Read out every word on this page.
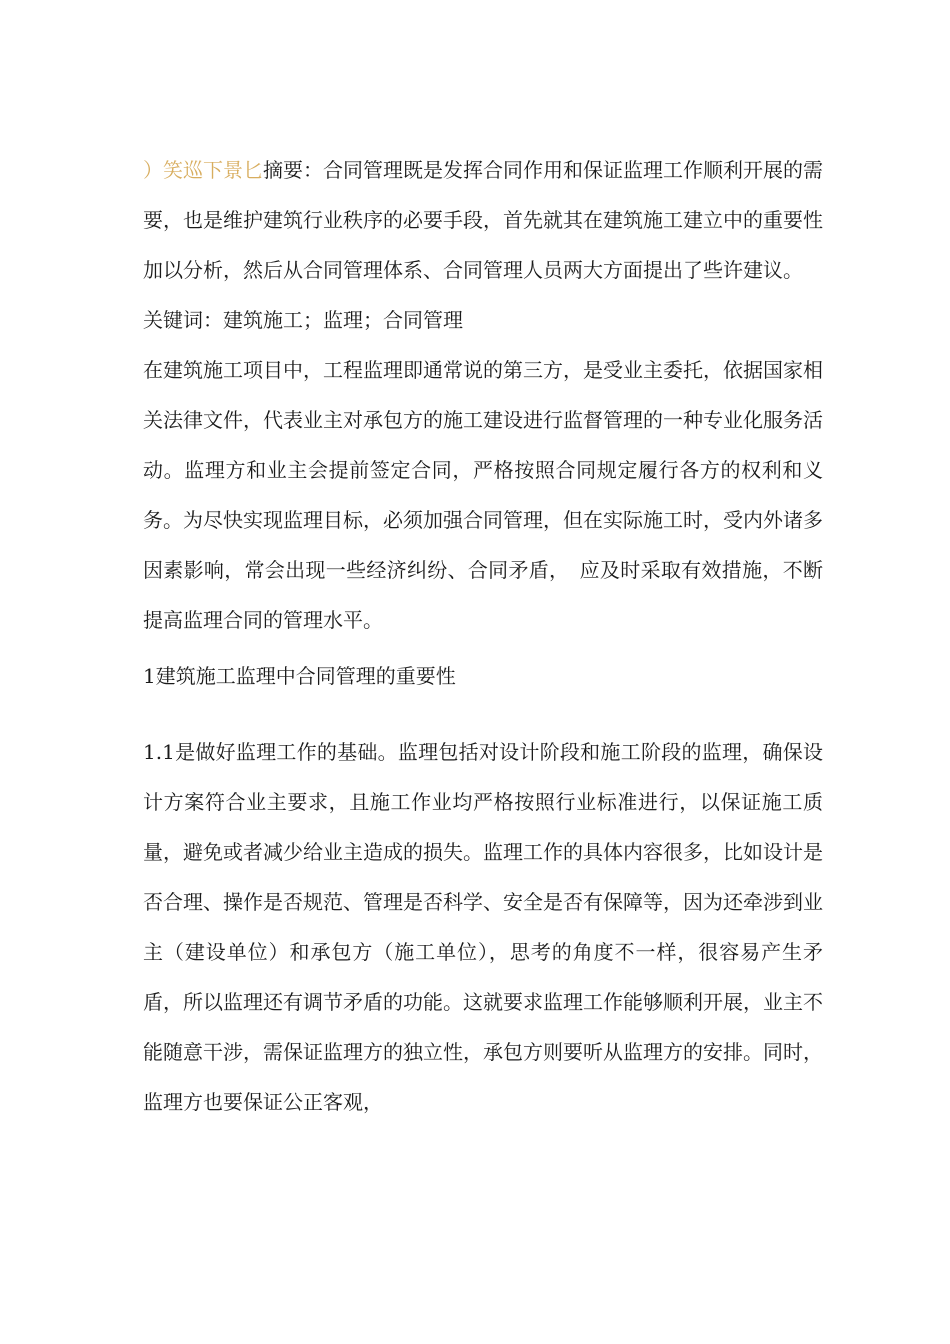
）笑巡下景匕摘要：合同管理既是发挥合同作用和保证监理工作顺利开展的需要，也是维护建筑行业秩序的必要手段，首先就其在建筑施工建立中的重要性加以分析，然后从合同管理体系、合同管理人员两大方面提出了些许建议。

关键词：建筑施工；监理；合同管理

在建筑施工项目中，工程监理即通常说的第三方，是受业主委托，依据国家相关法律文件，代表业主对承包方的施工建设进行监督管理的一种专业化服务活动。监理方和业主会提前签定合同，严格按照合同规定履行各方的权利和义务。为尽快实现监理目标，必须加强合同管理，但在实际施工时，受内外诸多因素影响，常会出现一些经济纠纷、合同矛盾，　应及时采取有效措施，不断提高监理合同的管理水平。

1建筑施工监理中合同管理的重要性

1.1是做好监理工作的基础。监理包括对设计阶段和施工阶段的监理，确保设计方案符合业主要求，且施工作业均严格按照行业标准进行，以保证施工质量，避免或者减少给业主造成的损失。监理工作的具体内容很多，比如设计是否合理、操作是否规范、管理是否科学、安全是否有保障等，因为还牵涉到业主（建设单位）和承包方（施工单位），思考的角度不一样，很容易产生矛盾，所以监理还有调节矛盾的功能。这就要求监理工作能够顺利开展，业主不能随意干涉，需保证监理方的独立性，承包方则要听从监理方的安排。同时，监理方也要保证公正客观，
